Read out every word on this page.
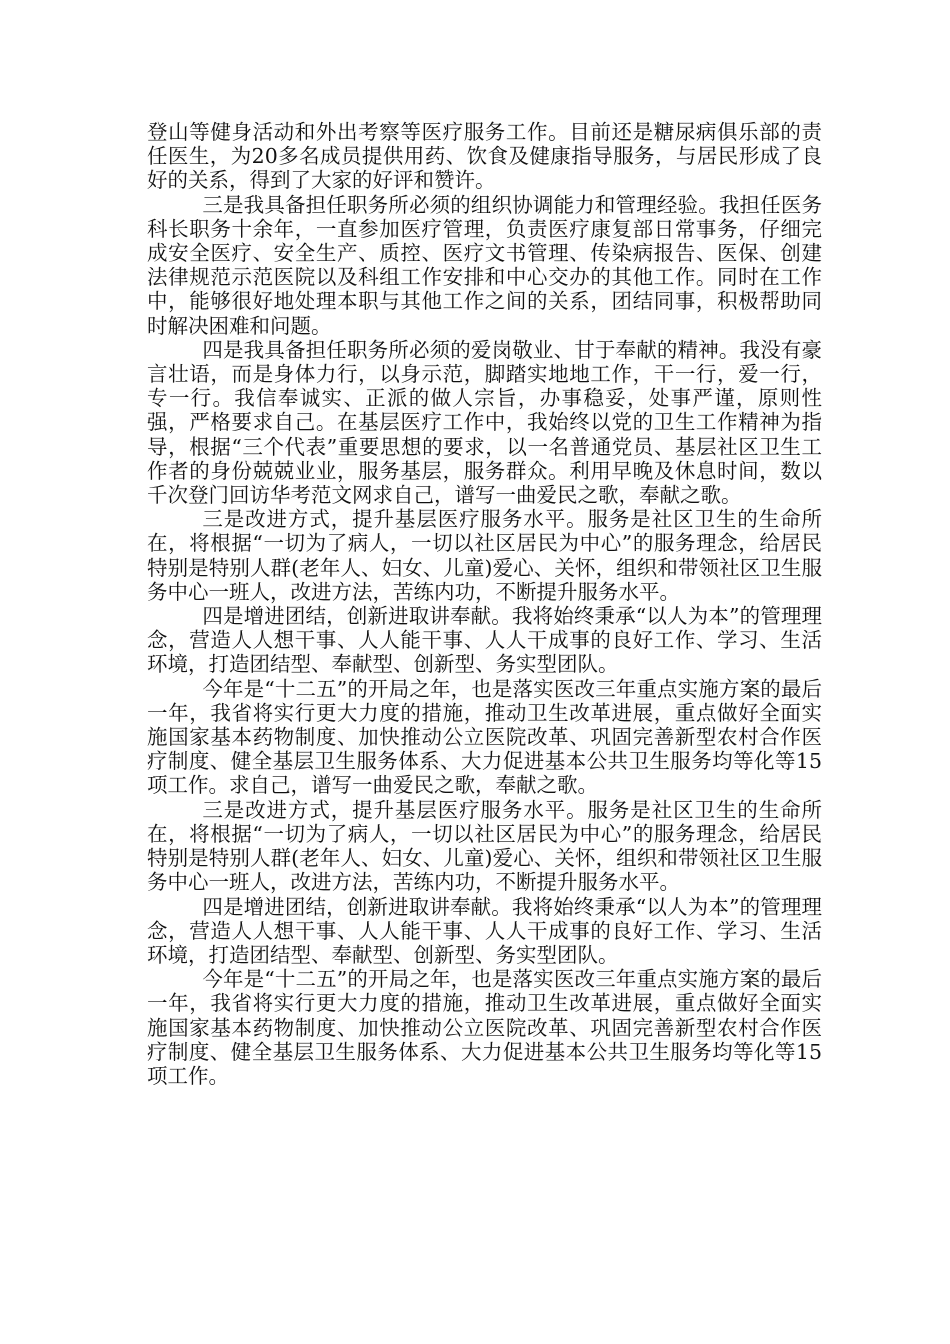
登山等健身活动和外出考察等医疗服务工作。目前还是糖尿病俱乐部的责任医生，为20多名成员提供用药、饮食及健康指导服务，与居民形成了良好的关系，得到了大家的好评和赞许。

三是我具备担任职务所必须的组织协调能力和管理经验。我担任医务科长职务十余年，一直参加医疗管理，负责医疗康复部日常事务，仔细完成安全医疗、安全生产、质控、医疗文书管理、传染病报告、医保、创建法律规范示范医院以及科组工作安排和中心交办的其他工作。同时在工作中，能够很好地处理本职与其他工作之间的关系，团结同事，积极帮助同时解决困难和问题。

四是我具备担任职务所必须的爱岗敬业、甘于奉献的精神。我没有豪言壮语，而是身体力行，以身示范，脚踏实地地工作，干一行，爱一行，专一行。我信奉诚实、正派的做人宗旨，办事稳妥，处事严谨，原则性强，严格要求自己。在基层医疗工作中，我始终以党的卫生工作精神为指导，根据“三个代表”重要思想的要求，以一名普通党员、基层社区卫生工作者的身份兢兢业业，服务基层，服务群众。利用早晚及休息时间，数以千次登门回访华考范文网求自己，谱写一曲爱民之歌，奉献之歌。

三是改进方式，提升基层医疗服务水平。服务是社区卫生的生命所在，将根据“一切为了病人，一切以社区居民为中心”的服务理念，给居民特别是特别人群(老年人、妇女、儿童)爱心、关怀，组织和带领社区卫生服务中心一班人，改进方法，苦练内功，不断提升服务水平。

四是增进团结，创新进取讲奉献。我将始终秉承“以人为本”的管理理念，营造人人想干事、人人能干事、人人干成事的良好工作、学习、生活环境，打造团结型、奉献型、创新型、务实型团队。

今年是“十二五”的开局之年，也是落实医改三年重点实施方案的最后一年，我省将实行更大力度的措施，推动卫生改革进展，重点做好全面实施国家基本药物制度、加快推动公立医院改革、巩固完善新型农村合作医疗制度、健全基层卫生服务体系、大力促进基本公共卫生服务均等化等15项工作。求自己，谱写一曲爱民之歌，奉献之歌。

三是改进方式，提升基层医疗服务水平。服务是社区卫生的生命所在，将根据“一切为了病人，一切以社区居民为中心”的服务理念，给居民特别是特别人群(老年人、妇女、儿童)爱心、关怀，组织和带领社区卫生服务中心一班人，改进方法，苦练内功，不断提升服务水平。

四是增进团结，创新进取讲奉献。我将始终秉承“以人为本”的管理理念，营造人人想干事、人人能干事、人人干成事的良好工作、学习、生活环境，打造团结型、奉献型、创新型、务实型团队。

今年是“十二五”的开局之年，也是落实医改三年重点实施方案的最后一年，我省将实行更大力度的措施，推动卫生改革进展，重点做好全面实施国家基本药物制度、加快推动公立医院改革、巩固完善新型农村合作医疗制度、健全基层卫生服务体系、大力促进基本公共卫生服务均等化等15项工作。
